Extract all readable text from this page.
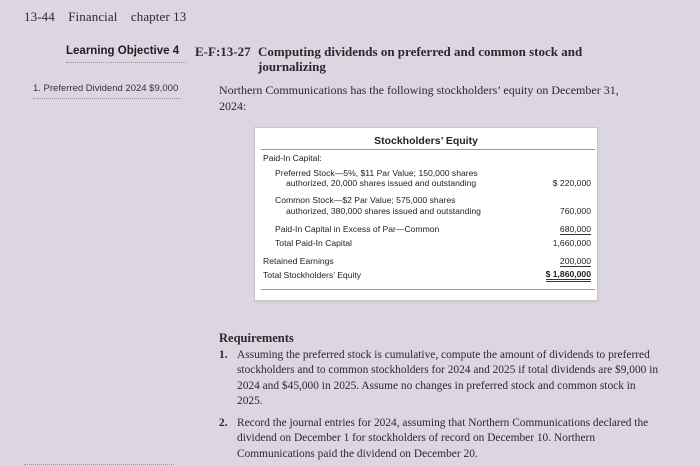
13-44 Financial chapter 13
Learning Objective 4
1. Preferred Dividend 2024 $9,000
E-F:13-27 Computing dividends on preferred and common stock and journalizing
Northern Communications has the following stockholders’ equity on December 31, 2024:
Stockholders’ Equity
Paid-In Capital:
Preferred Stock—5%, $11 Par Value; 150,000 shares
authorized, 20,000 shares issued and outstanding	$ 220,000
Common Stock—$2 Par Value; 575,000 shares
authorized, 380,000 shares issued and outstanding	760,000
Paid-In Capital in Excess of Par—Common	680,000
Total Paid-In Capital	1,660,000
Retained Earnings	200,000
Total Stockholders’ Equity	$ 1,860,000
Requirements
1. Assuming the preferred stock is cumulative, compute the amount of dividends to preferred stockholders and to common stockholders for 2024 and 2025 if total dividends are $9,000 in 2024 and $45,000 in 2025. Assume no changes in preferred stock and common stock in 2025.
2. Record the journal entries for 2024, assuming that Northern Communications declared the dividend on December 1 for stockholders of record on December 10. Northern Communications paid the dividend on December 20.
